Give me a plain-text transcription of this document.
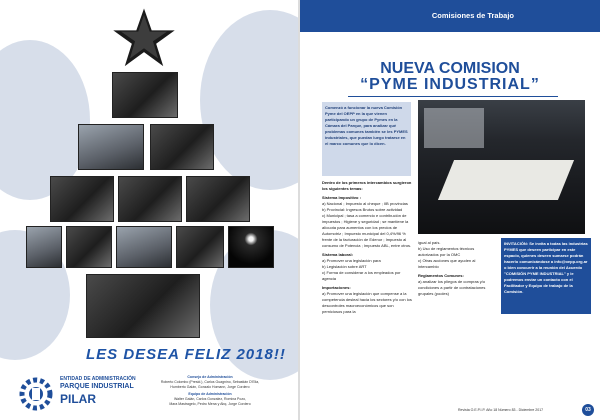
LES DESEA FELIZ 2018!!
ENTIDAD DE ADMINISTRACIÓN
PARQUE INDUSTRIAL
PILAR
Consejo de Administración
Roberto Colombo (Presid.), Carlos Guagnino, Sebastián D'Elia,
Humberto Galán, Gonzalo Homann, Jorge Cordero
Equipo de Administración
Walter Galán, Carlos Gonzalez, Romina Pozo,
Mara Mastragelo, Pedro Mena y Abq. Jorge Cordero
Comisiones de Trabajo
NUEVA COMISION
“PYME INDUSTRIAL”
Comenzó a funcionar la nueva Comisión Pyme del OEPP en la que vienen participando un grupo de Pymes en la Cámara del Parque, para analizar qué problemas comunes también se les PYMES industriales, que puedan luego tratarse en el marco comunes que lo dicen.
Dentro de los primeros intercambios surgieron los siguientes temas:
Sistema Impositivo :
a) Nacional ; Impuesto al cheque ; IIB provincias
b) Provincial: Ingresos Brutos sobre actividad
c) Municipal ; tasa a comercio e contribución de impuestos ; Higiene y seguridad ; se mantiene la alícuota para aumentos con los precios de Automotriz ; Impuesto municipal del 0,4%/96 % frente de la facturación de Edenor ; Impuesto al consumo de Potencia ; Impuesto ABL, entre otros.
Sistema laboral:
a) Promover una legislación para
b) Legislación sobre ART
c) Forma de considerar a los empleados por agencia
Importaciones:
a) Promover una legislación que compense a la competencia desleal hacia los sectores y/o con los descontroles macroeconómicos que son perniciosos para la
igual al país.
b) Uso de reglamentos técnicos autorizados por la OMC
c) Otras acciones que ayuden al intercambio
Reglamentos Comunes:
a) analizar los pliegos de compras y/o condiciones a partir de contrataciones grupales (pooles)
INVITACIÓN: Se invita a todas las industrias PYMES que deseen participar en este espacio, quienes deseen sumarse podrán hacerlo comunicándose a info@oepp.org.ar o bien concurrir a la reunión del Acuerdo "COMISIÓN PYME INDUSTRIAL" y le podremos enviar un contacto con el Facilitador y Equipo de trabajo de la Comisión.
Revista O.E.P.I.P. Año 18 Número 83 - Diciembre 2017	03
